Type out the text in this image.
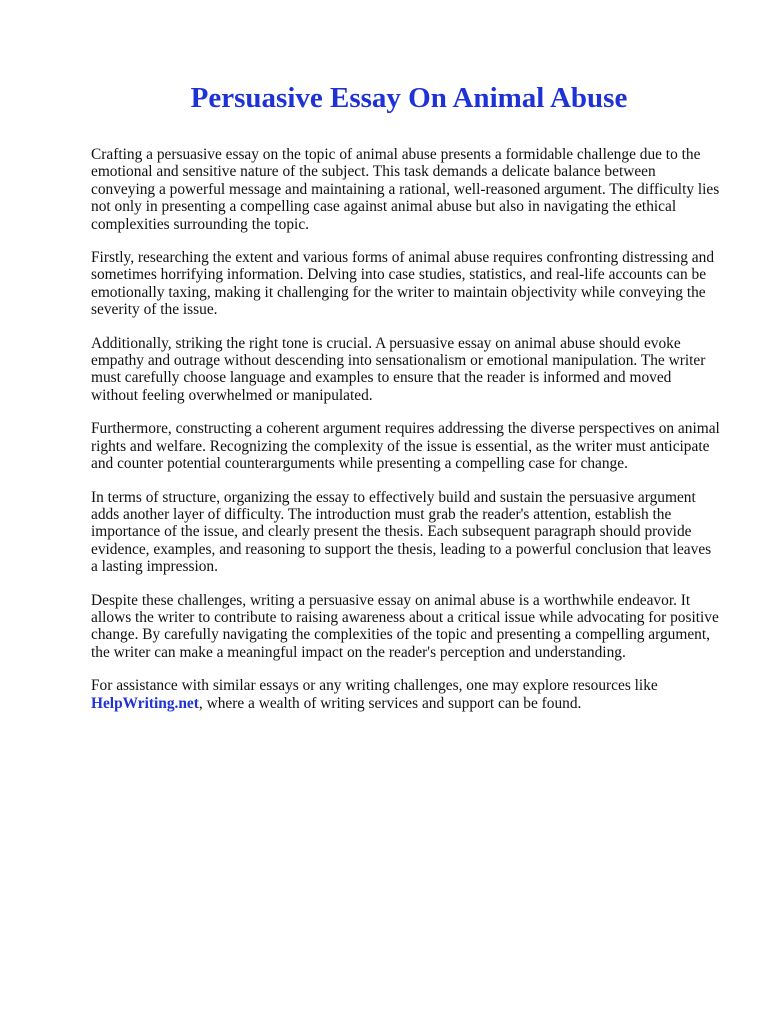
Persuasive Essay On Animal Abuse

Crafting a persuasive essay on the topic of animal abuse presents a formidable challenge due to the emotional and sensitive nature of the subject. This task demands a delicate balance between conveying a powerful message and maintaining a rational, well-reasoned argument. The difficulty lies not only in presenting a compelling case against animal abuse but also in navigating the ethical complexities surrounding the topic.

Firstly, researching the extent and various forms of animal abuse requires confronting distressing and sometimes horrifying information. Delving into case studies, statistics, and real-life accounts can be emotionally taxing, making it challenging for the writer to maintain objectivity while conveying the severity of the issue.

Additionally, striking the right tone is crucial. A persuasive essay on animal abuse should evoke empathy and outrage without descending into sensationalism or emotional manipulation. The writer must carefully choose language and examples to ensure that the reader is informed and moved without feeling overwhelmed or manipulated.

Furthermore, constructing a coherent argument requires addressing the diverse perspectives on animal rights and welfare. Recognizing the complexity of the issue is essential, as the writer must anticipate and counter potential counterarguments while presenting a compelling case for change.

In terms of structure, organizing the essay to effectively build and sustain the persuasive argument adds another layer of difficulty. The introduction must grab the reader's attention, establish the importance of the issue, and clearly present the thesis. Each subsequent paragraph should provide evidence, examples, and reasoning to support the thesis, leading to a powerful conclusion that leaves a lasting impression.

Despite these challenges, writing a persuasive essay on animal abuse is a worthwhile endeavor. It allows the writer to contribute to raising awareness about a critical issue while advocating for positive change. By carefully navigating the complexities of the topic and presenting a compelling argument, the writer can make a meaningful impact on the reader's perception and understanding.

For assistance with similar essays or any writing challenges, one may explore resources like HelpWriting.net, where a wealth of writing services and support can be found.
